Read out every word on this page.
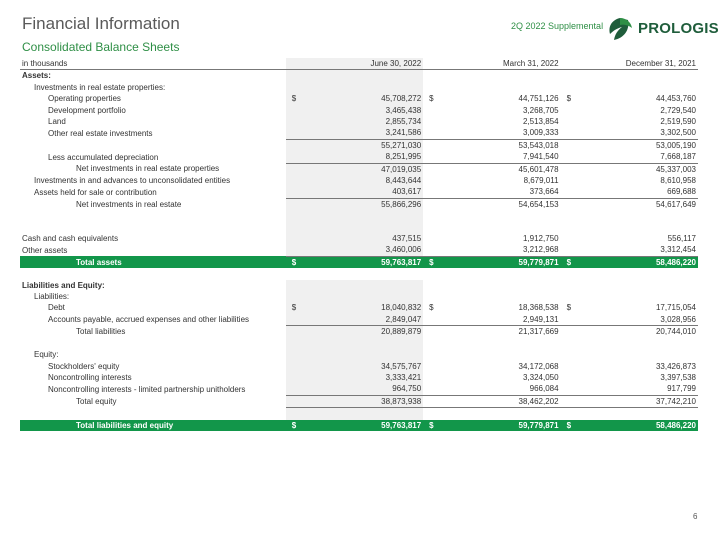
Financial Information
Consolidated Balance Sheets
2Q 2022 Supplemental PROLOGIS
in thousands		June 30, 2022		March 31, 2022		December 31, 2021
Assets:						
Investments in real estate properties:						
Operating properties	$	45,708,272	$	44,751,126	$	44,453,760
Development portfolio		3,465,438		3,268,705		2,729,540
Land		2,855,734		2,513,854		2,519,590
Other real estate investments		3,241,586		3,009,333		3,302,500
		55,271,030		53,543,018		53,005,190
Less accumulated depreciation		8,251,995		7,941,540		7,668,187
Net investments in real estate properties		47,019,035		45,601,478		45,337,003
Investments in and advances to unconsolidated entities		8,443,644		8,679,011		8,610,958
Assets held for sale or contribution		403,617		373,664		669,688
Net investments in real estate		55,866,296		54,654,153		54,617,649

Cash and cash equivalents		437,515		1,912,750		556,117
Other assets		3,460,006		3,212,968		3,312,454
Total assets	$	59,763,817	$	59,779,871	$	58,486,220

Liabilities and Equity:						
Liabilities:						
Debt	$	18,040,832	$	18,368,538	$	17,715,054
Accounts payable, accrued expenses and other liabilities		2,849,047		2,949,131		3,028,956
Total liabilities		20,889,879		21,317,669		20,744,010

Equity:						
Stockholders' equity		34,575,767		34,172,068		33,426,873
Noncontrolling interests		3,333,421		3,324,050		3,397,538
Noncontrolling interests - limited partnership unitholders		964,750		966,084		917,799
Total equity		38,873,938		38,462,202		37,742,210

Total liabilities and equity	$	59,763,817	$	59,779,871	$	58,486,220
6
